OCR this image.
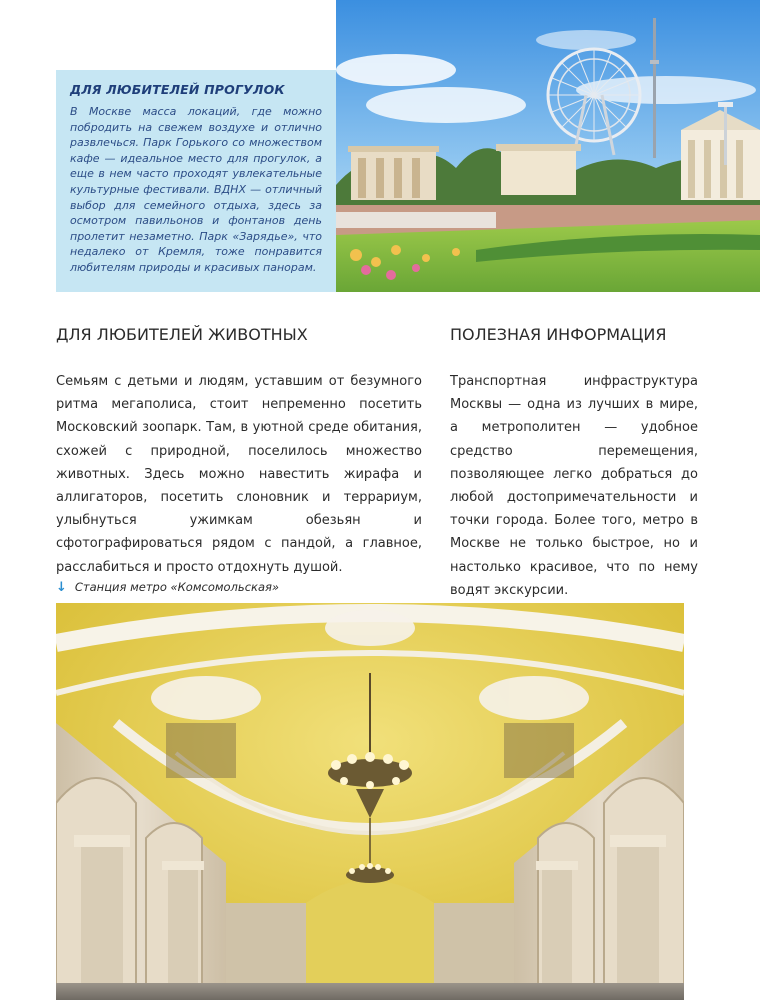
ДЛЯ ЛЮБИТЕЛЕЙ ПРОГУЛОК

В Москве масса локаций, где можно побродить на свежем воздухе и отлично развлечься. Парк Горького со множеством кафе — идеальное место для прогулок, а еще в нем часто проходят увлекательные культурные фестивали. ВДНХ — отличный выбор для семейного отдыха, здесь за осмотром павильонов и фонтанов день пролетит незаметно. Парк «Зарядье», что недалеко от Кремля, тоже понравится любителям природы и красивых панорам.

ДЛЯ ЛЮБИТЕЛЕЙ ЖИВОТНЫХ

Семьям с детьми и людям, уставшим от безумного ритма мегаполиса, стоит непременно посетить Московский зоопарк. Там, в уютной среде обитания, схожей с природной, поселилось множество животных. Здесь можно навестить жирафа и аллигаторов, посетить слоновник и террариум, улыбнуться ужимкам обезьян и сфотографироваться рядом с пандой, а главное, расслабиться и просто отдохнуть душой.

ПОЛЕЗНАЯ ИНФОРМАЦИЯ

Транспортная инфраструктура Москвы — одна из лучших в мире, а метрополитен — удобное средство перемещения, позволяющее легко добраться до любой достопримечательности и точки города. Более того, метро в Москве не только быстрое, но и настолько красивое, что по нему водят экскурсии.

↓ Станция метро «Комсомольская»
